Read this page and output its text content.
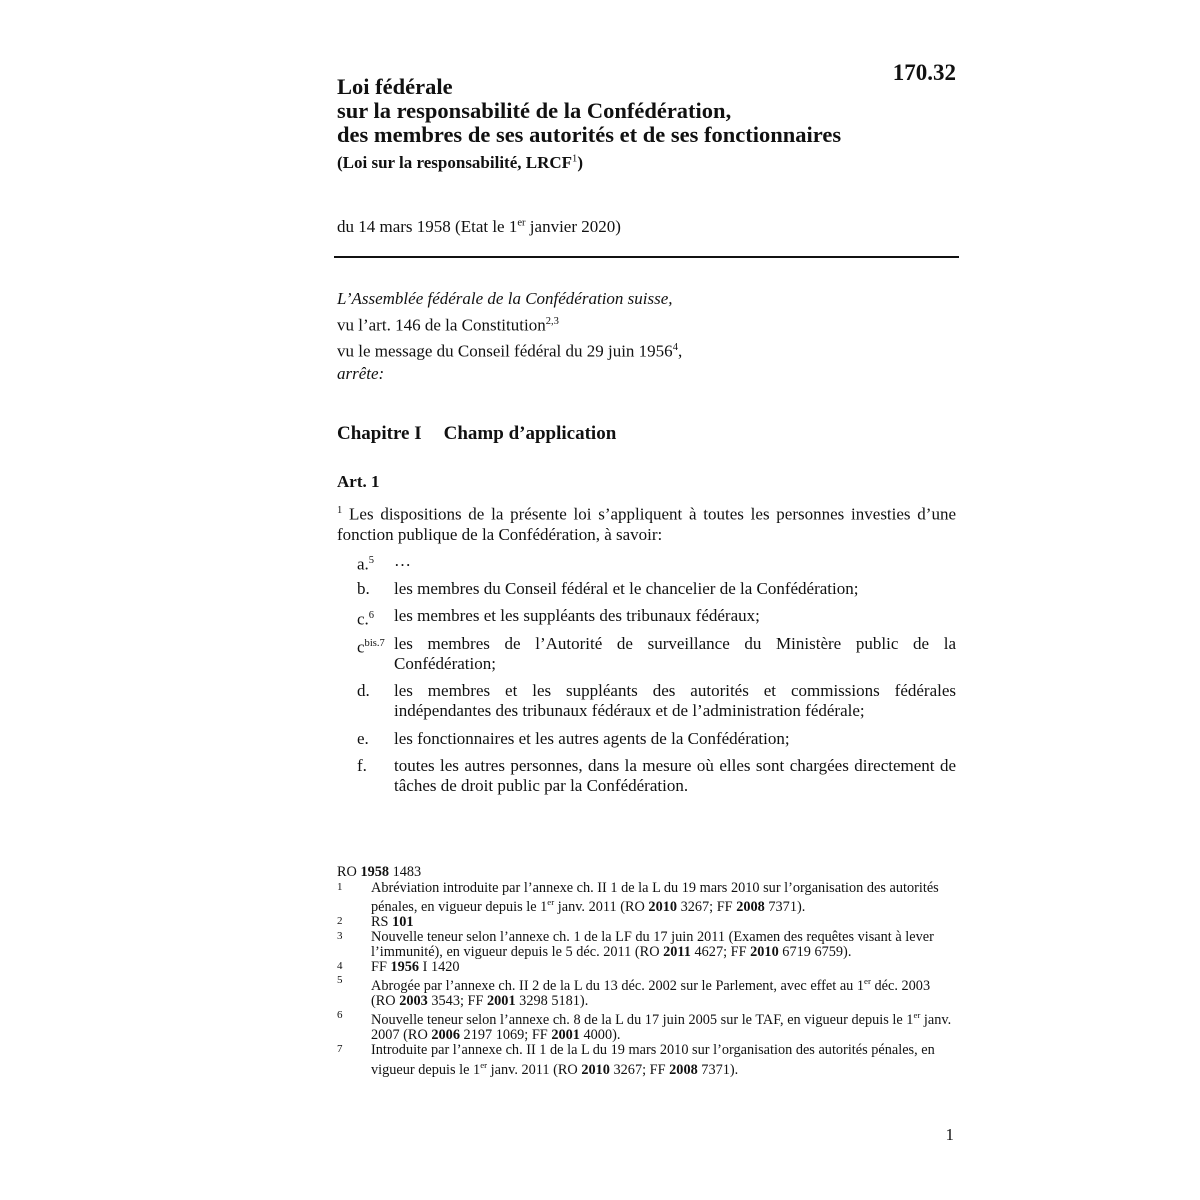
170.32
Loi fédérale
sur la responsabilité de la Confédération,
des membres de ses autorités et de ses fonctionnaires
(Loi sur la responsabilité, LRCF$^1$)
du 14 mars 1958 (Etat le 1er janvier 2020)
L’Assemblée fédérale de la Confédération suisse,
vu l’art. 146 de la Constitution$^{2,3}$
vu le message du Conseil fédéral du 29 juin 1956$^4$,
arrête:
Chapitre I Champ d’application
Art. 1
$^1$ Les dispositions de la présente loi s’appliquent à toutes les personnes investies d’une fonction publique de la Confédération, à savoir:
a.$^5$ …
b. les membres du Conseil fédéral et le chancelier de la Confédération;
c.$^6$ les membres et les suppléants des tribunaux fédéraux;
$c^{bis.7}$ les membres de l’Autorité de surveillance du Ministère public de la Confédération;
d. les membres et les suppléants des autorités et commissions fédérales indépendantes des tribunaux fédéraux et de l’administration fédérale;
e. les fonctionnaires et les autres agents de la Confédération;
f. toutes les autres personnes, dans la mesure où elles sont chargées directement de tâches de droit public par la Confédération.
RO 1958 1483
1 Abréviation introduite par l’annexe ch. II 1 de la L du 19 mars 2010 sur l’organisation des autorités pénales, en vigueur depuis le 1er janv. 2011 (RO 2010 3267; FF 2008 7371).
2 RS 101
3 Nouvelle teneur selon l’annexe ch. 1 de la LF du 17 juin 2011 (Examen des requêtes visant à lever l’immunité), en vigueur depuis le 5 déc. 2011 (RO 2011 4627; FF 2010 6719 6759).
4 FF 1956 I 1420
5 Abrogée par l’annexe ch. II 2 de la L du 13 déc. 2002 sur le Parlement, avec effet au 1er déc. 2003 (RO 2003 3543; FF 2001 3298 5181).
6 Nouvelle teneur selon l’annexe ch. 8 de la L du 17 juin 2005 sur le TAF, en vigueur depuis le 1er janv. 2007 (RO 2006 2197 1069; FF 2001 4000).
7 Introduite par l’annexe ch. II 1 de la L du 19 mars 2010 sur l’organisation des autorités pénales, en vigueur depuis le 1er janv. 2011 (RO 2010 3267; FF 2008 7371).
1
